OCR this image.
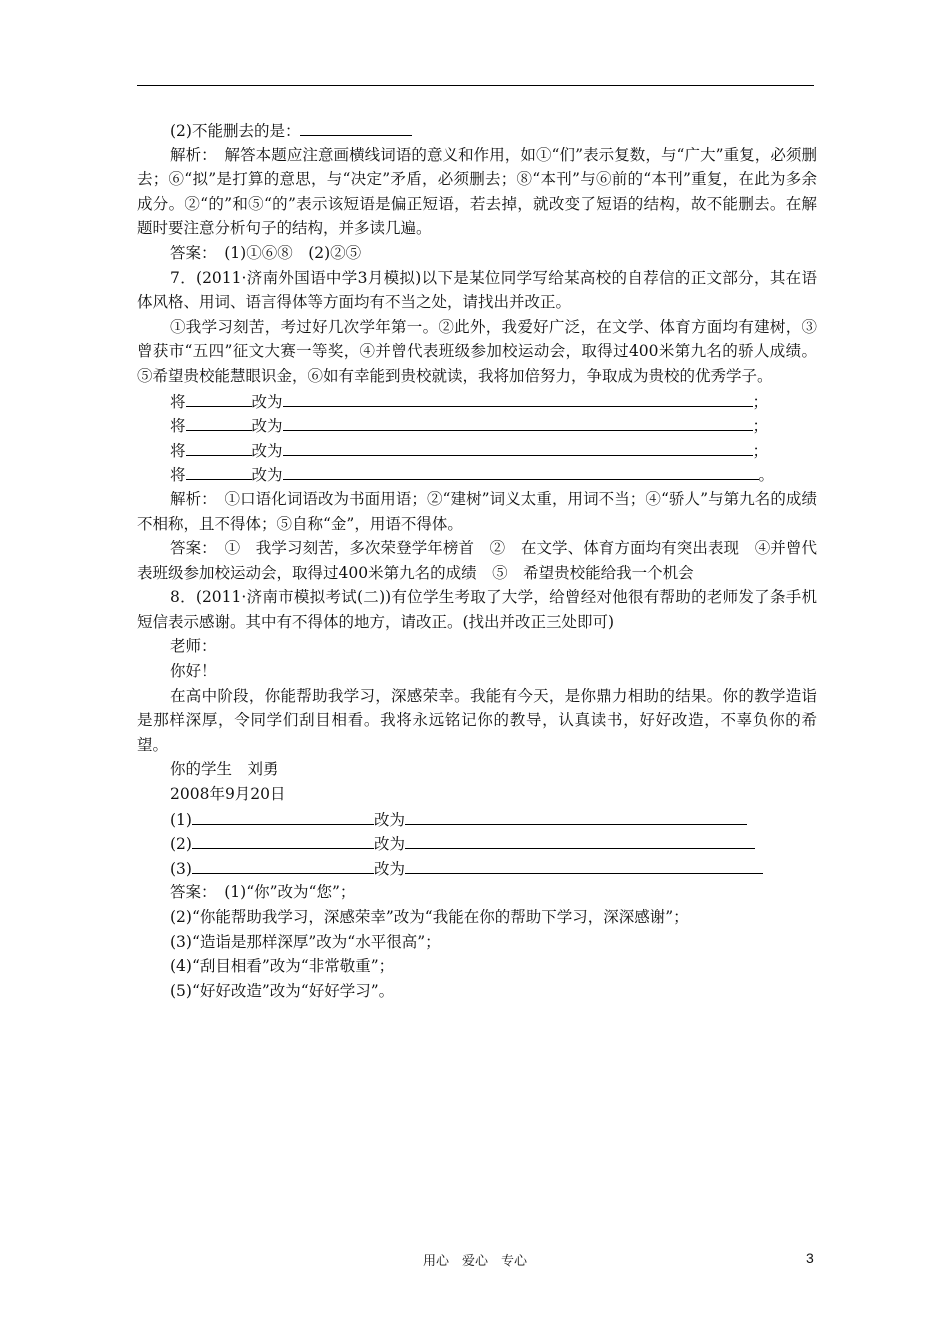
(2)不能删去的是：

解析：　解答本题应注意画横线词语的意义和作用，如①“们”表示复数，与“广大”重复，必须删去；⑥“拟”是打算的意思，与“决定”矛盾，必须删去；⑧“本刊”与⑥前的“本刊”重复，在此为多余成分。②“的”和⑤“的”表示该短语是偏正短语，若去掉，就改变了短语的结构，故不能删去。在解题时要注意分析句子的结构，并多读几遍。

答案：　(1)①⑥⑧　(2)②⑤

7．(2011·济南外国语中学3月模拟)以下是某位同学写给某高校的自荐信的正文部分，其在语体风格、用词、语言得体等方面均有不当之处，请找出并改正。

①我学习刻苦，考过好几次学年第一。②此外，我爱好广泛，在文学、体育方面均有建树，③曾获市“五四”征文大赛一等奖，④并曾代表班级参加校运动会，取得过400米第九名的骄人成绩。⑤希望贵校能慧眼识金，⑥如有幸能到贵校就读，我将加倍努力，争取成为贵校的优秀学子。

将	改为	；
将	改为	；
将	改为	；
将	改为	。

解析：　①口语化词语改为书面用语；②“建树”词义太重，用词不当；④“骄人”与第九名的成绩不相称，且不得体；⑤自称“金”，用语不得体。

答案：　①　我学习刻苦，多次荣登学年榜首　②　在文学、体育方面均有突出表现　④并曾代表班级参加校运动会，取得过400米第九名的成绩　⑤　希望贵校能给我一个机会

8．(2011·济南市模拟考试(二))有位学生考取了大学，给曾经对他很有帮助的老师发了条手机短信表示感谢。其中有不得体的地方，请改正。(找出并改正三处即可)

老师：
你好！

在高中阶段，你能帮助我学习，深感荣幸。我能有今天，是你鼎力相助的结果。你的教学造诣是那样深厚，令同学们刮目相看。我将永远铭记你的教导，认真读书，好好改造，不辜负你的希望。

你的学生　刘勇
2008年9月20日
(1)	改为
(2)	改为
(3)	改为
答案：　(1)“你”改为“您”；
(2)“你能帮助我学习，深感荣幸”改为“我能在你的帮助下学习，深深感谢”；
(3)“造诣是那样深厚”改为“水平很高”；
(4)“刮目相看”改为“非常敬重”；
(5)“好好改造”改为“好好学习”。
用心　爱心　专心	3
